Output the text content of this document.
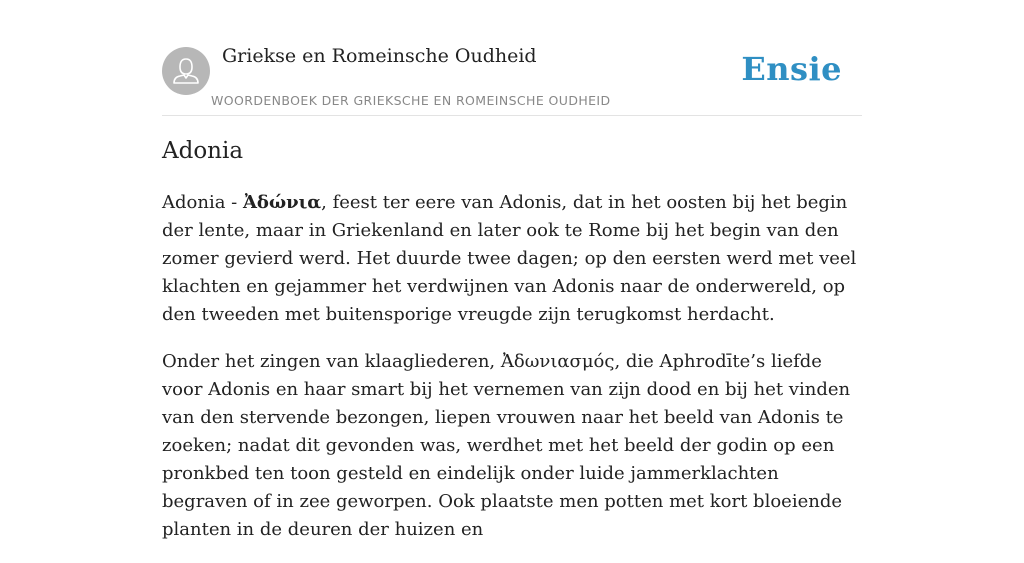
Griekse en Romeinsche Oudheid
WOORDENBOEK DER GRIEKSCHE EN ROMEINSCHE OUDHEID
Ensie
Adonia

Adonia - Ἀδώνια, feest ter eere van Adonis, dat in het oosten bij het begin der lente, maar in Griekenland en later ook te Rome bij het begin van den zomer gevierd werd. Het duurde twee dagen; op den eersten werd met veel klachten en gejammer het verdwijnen van Adonis naar de onderwereld, op den tweeden met buitensporige vreugde zijn terugkomst herdacht.

Onder het zingen van klaagliederen, Ἀδωνιασμός, die Aphrodīte’s liefde voor Adonis en haar smart bij het vernemen van zijn dood en bij het vinden van den stervende bezongen, liepen vrouwen naar het beeld van Adonis te zoeken; nadat dit gevonden was, werdhet met het beeld der godin op een pronkbed ten toon gesteld en eindelijk onder luide jammerklachten begraven of in zee geworpen. Ook plaatste men potten met kort bloeiende planten in de deuren der huizen en
